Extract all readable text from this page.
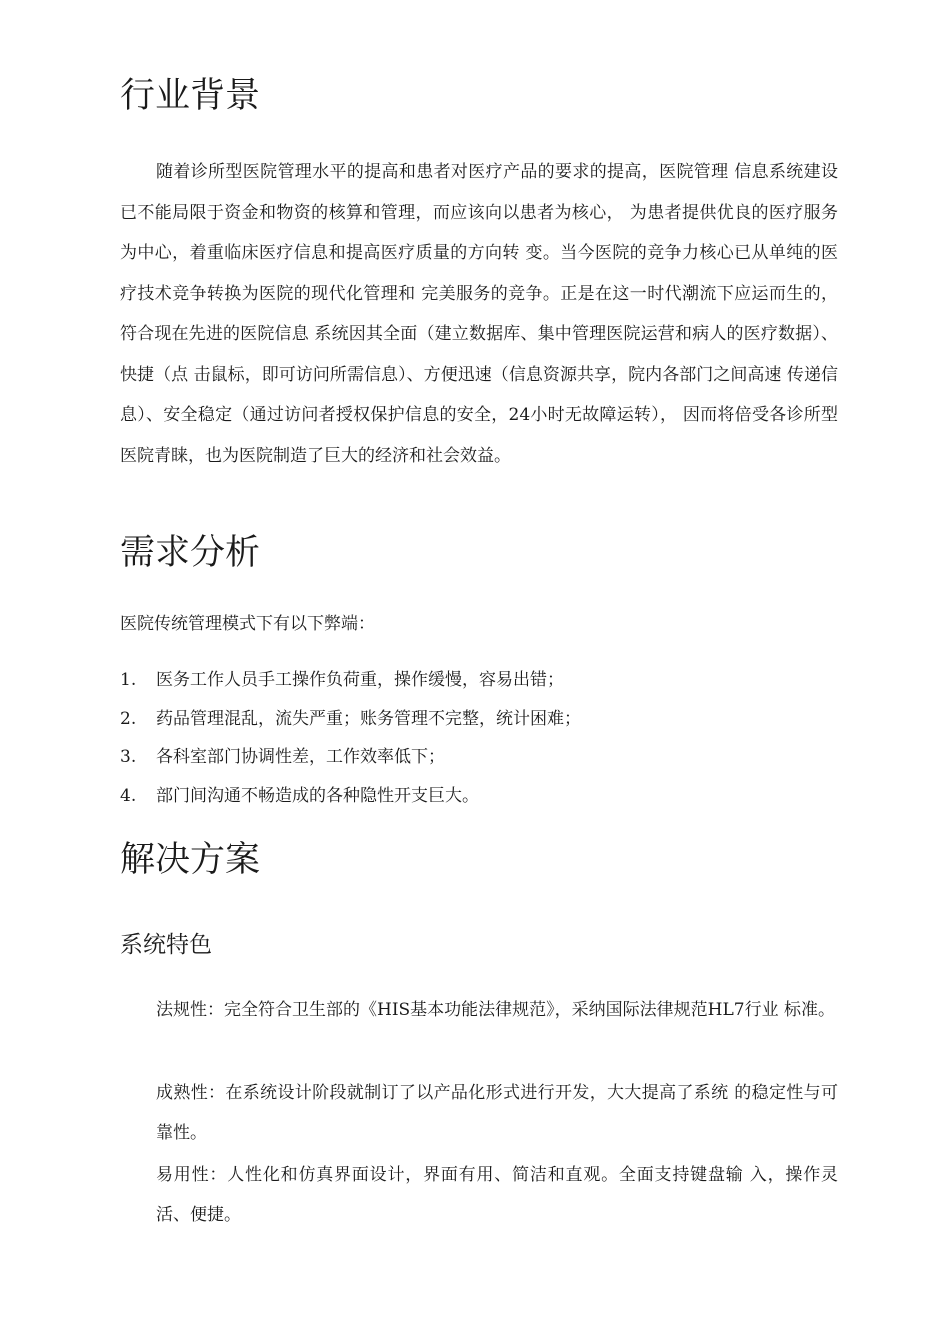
行业背景

随着诊所型医院管理水平的提高和患者对医疗产品的要求的提高，医院管理 信息系统建设已不能局限于资金和物资的核算和管理，而应该向以患者为核心， 为患者提供优良的医疗服务为中心，着重临床医疗信息和提高医疗质量的方向转 变。当今医院的竞争力核心已从单纯的医疗技术竞争转换为医院的现代化管理和 完美服务的竞争。正是在这一时代潮流下应运而生的，符合现在先进的医院信息 系统因其全面（建立数据库、集中管理医院运营和病人的医疗数据）、快捷（点 击鼠标，即可访问所需信息）、方便迅速（信息资源共享，院内各部门之间高速 传递信息）、安全稳定（通过访问者授权保护信息的安全，24小时无故障运转）， 因而将倍受各诊所型医院青睐，也为医院制造了巨大的经济和社会效益。

需求分析

医院传统管理模式下有以下弊端：

1. 医务工作人员手工操作负荷重，操作缓慢，容易出错；
2. 药品管理混乱，流失严重；账务管理不完整，统计困难；
3. 各科室部门协调性差，工作效率低下；
4. 部门间沟通不畅造成的各种隐性开支巨大。
解决方案
系统特色

法规性：完全符合卫生部的《HIS基本功能法律规范》，采纳国际法律规范HL7行业 标准。

成熟性：在系统设计阶段就制订了以产品化形式进行开发，大大提高了系统 的稳定性与可靠性。

易用性：人性化和仿真界面设计，界面有用、简洁和直观。全面支持键盘输 入，操作灵活、便捷。
